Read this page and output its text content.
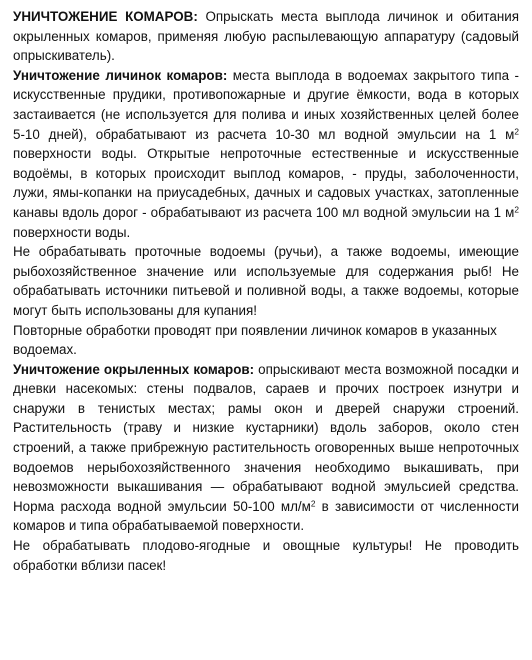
УНИЧТОЖЕНИЕ КОМАРОВ: Опрыскать места выплода личинок и обитания окрыленных комаров, применяя любую распылевающую аппаратуру (садовый опрыскиватель).

Уничтожение личинок комаров: места выплода в водоемах закрытого типа - искусственные прудики, противопожарные и другие ёмкости, вода в которых застаивается (не используется для полива и иных хозяйственных целей более 5-10 дней), обрабатывают из расчета 10-30 мл водной эмульсии на 1 $м^2$ поверхности воды. Открытые непроточные естественные и искусственные водоёмы, в которых происходит выплод комаров, - пруды, заболоченности, лужи, ямы-копанки на приусадебных, дачных и садовых участках, затопленные канавы вдоль дорог - обрабатывают из расчета 100 мл водной эмульсии на 1 $м^2$ поверхности воды.

Не обрабатывать проточные водоемы (ручьи), а также водоемы, имеющие рыбохозяйственное значение или используемые для содержания рыб! Не обрабатывать источники питьевой и поливной воды, а также водоемы, которые могут быть использованы для купания!

Повторные обработки проводят при появлении личинок комаров в указанных водоемах.

Уничтожение окрыленных комаров: опрыскивают места возможной посадки и дневки насекомых: стены подвалов, сараев и прочих построек изнутри и снаружи в тенистых местах; рамы окон и дверей снаружи строений. Растительность (траву и низкие кустарники) вдоль заборов, около стен строений, а также прибрежную растительность оговоренных выше непроточных водоемов нерыбохозяйственного значения необходимо выкашивать, при невозможности выкашивания — обрабатывают водной эмульсией средства. Норма расхода водной эмульсии 50-100 $мл/м^2$ в зависимости от численности комаров и типа обрабатываемой поверхности.

Не обрабатывать плодово-ягодные и овощные культуры! Не проводить обработки вблизи пасек!
